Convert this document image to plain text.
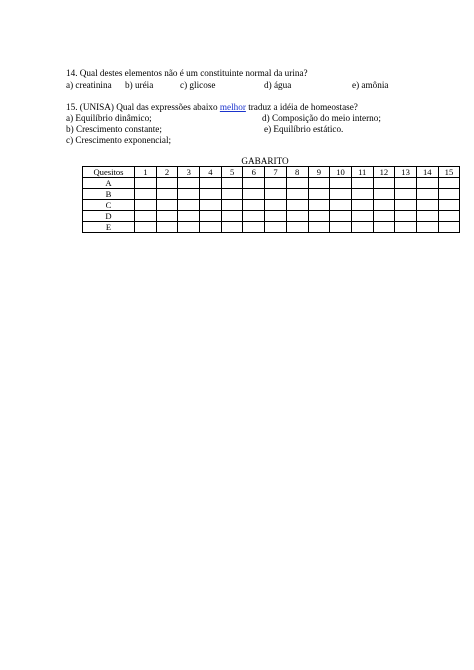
14. Qual destes elementos não é um constituinte normal da urina?
a) creatinina b) uréia	c) glicose	d) água	e) amônia
15. (UNISA) Qual das expressões abaixo melhor traduz a idéia de homeostase?
a) Equilíbrio dinâmico;	d) Composição do meio interno;
b) Crescimento constante;	e) Equilíbrio estático.
c) Crescimento exponencial;
GABARITO
Quesitos	1	2	3	4	5	6	7	8	9	10	11	12	13	14	15
A															
B															
C															
D															
E															
